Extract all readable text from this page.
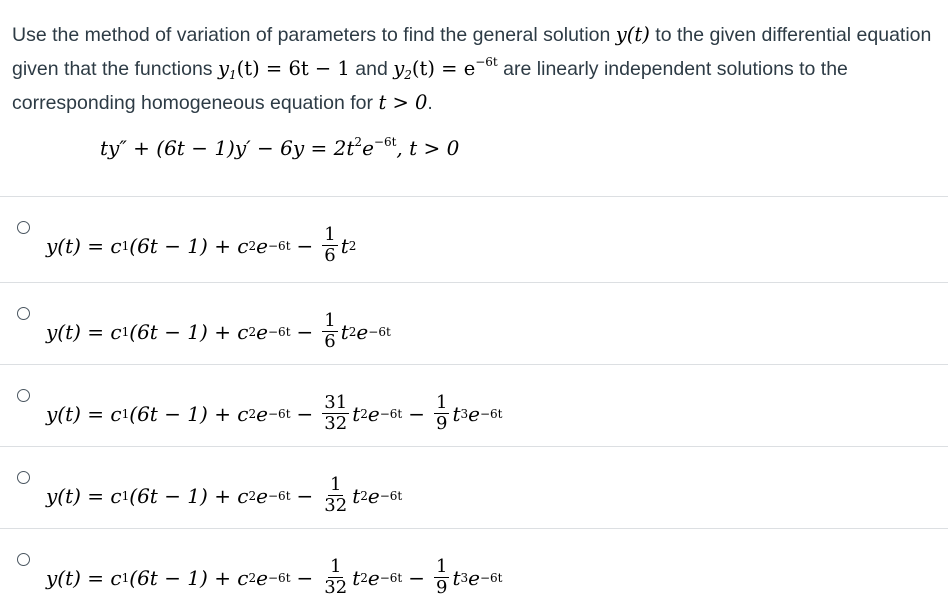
Use the method of variation of parameters to find the general solution y(t) to the given differential equation given that the functions $y_1(t) = 6t - 1$ and $y_2(t) = e^{-6t}$ are linearly independent solutions to the corresponding homogeneous equation for t > 0.
$ty'' + (6t - 1)y' - 6y = 2t^2e^{-6t}$, t > 0
y(t) = c 1 (6t − 1) + c 2 $e -6t - \frac{1}{6}$ t 2
y(t) = c 1 (6t − 1) + c 2 $e -6t - \frac{1}{6}$ t 2 e −6t
y(t) = c 1 (6t − 1) + c 2 $e -6t - \frac{31}{32}$ t 2 $e -6t - \frac{1}{9}$ t 3 e −6t
y(t) = c 1 (6t − 1) + c 2 $e -6t - \frac{1}{32}$ t 2 e −6t
y(t) = c 1 (6t − 1) + c 2 $e -6t - \frac{1}{32}$ t 2 $e -6t - \frac{1}{9}$ t 3 e −6t
